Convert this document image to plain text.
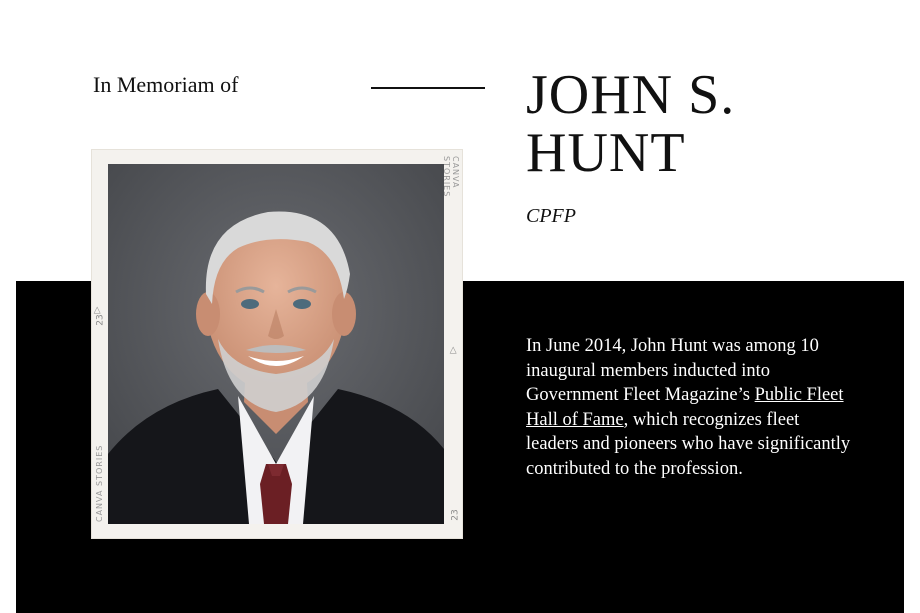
In Memoriam of	JOHN S.
HUNT
CPFP
CANVA STORIES
CANVA STORIES
23
23
▷
▷	In June 2014, John Hunt was among 10 inaugural members inducted into Government Fleet Magazine’s Public Fleet Hall of Fame, which recognizes fleet leaders and pioneers who have significantly contributed to the profession.
